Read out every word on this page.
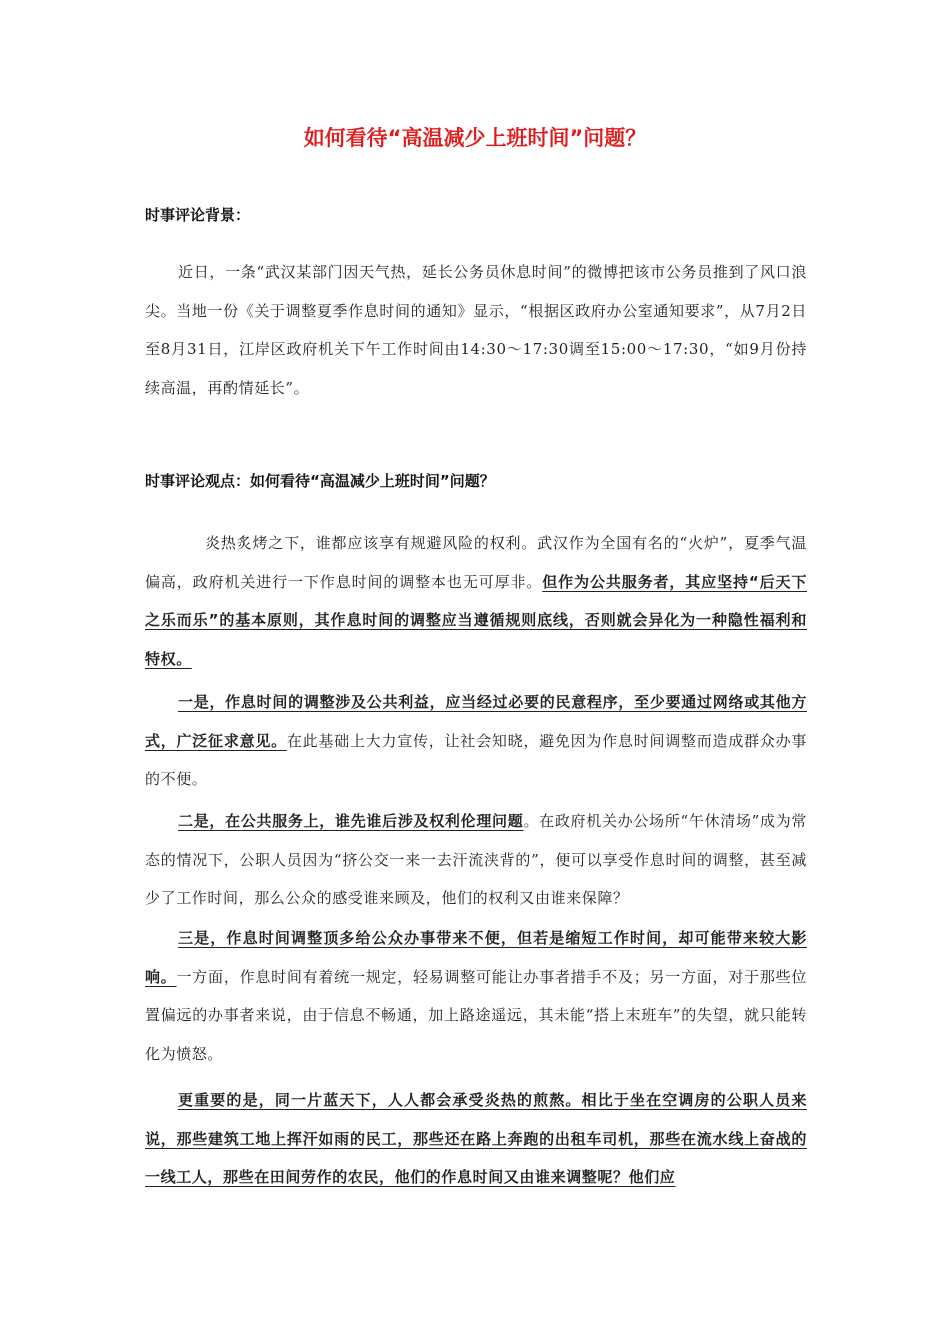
如何看待“高温减少上班时间”问题？
时事评论背景：
近日，一条“武汉某部门因天气热，延长公务员休息时间”的微博把该市公务员推到了风口浪尖。当地一份《关于调整夏季作息时间的通知》显示，“根据区政府办公室通知要求”，从7月2日至8月31日，江岸区政府机关下午工作时间由14:30～17:30调至15:00～17:30，“如9月份持续高温，再酌情延长”。
时事评论观点：如何看待“高温减少上班时间”问题？
炎热炙烤之下，谁都应该享有规避风险的权利。武汉作为全国有名的“火炉”，夏季气温偏高，政府机关进行一下作息时间的调整本也无可厚非。但作为公共服务者，其应坚持“后天下之乐而乐”的基本原则，其作息时间的调整应当遵循规则底线，否则就会异化为一种隐性福利和特权。
一是，作息时间的调整涉及公共利益，应当经过必要的民意程序，至少要通过网络或其他方式，广泛征求意见。在此基础上大力宣传，让社会知晓，避免因为作息时间调整而造成群众办事的不便。
二是，在公共服务上，谁先谁后涉及权利伦理问题。在政府机关办公场所“午休清场”成为常态的情况下，公职人员因为“挤公交一来一去汗流浃背的”，便可以享受作息时间的调整，甚至减少了工作时间，那么公众的感受谁来顾及，他们的权利又由谁来保障？
三是，作息时间调整顶多给公众办事带来不便，但若是缩短工作时间，却可能带来较大影响。一方面，作息时间有着统一规定，轻易调整可能让办事者措手不及；另一方面，对于那些位置偏远的办事者来说，由于信息不畅通，加上路途遥远，其未能“搭上末班车”的失望，就只能转化为愤怒。
更重要的是，同一片蓝天下，人人都会承受炎热的煎熬。相比于坐在空调房的公职人员来说，那些建筑工地上挥汗如雨的民工，那些还在路上奔跑的出租车司机，那些在流水线上奋战的一线工人，那些在田间劳作的农民，他们的作息时间又由谁来调整呢？他们应
